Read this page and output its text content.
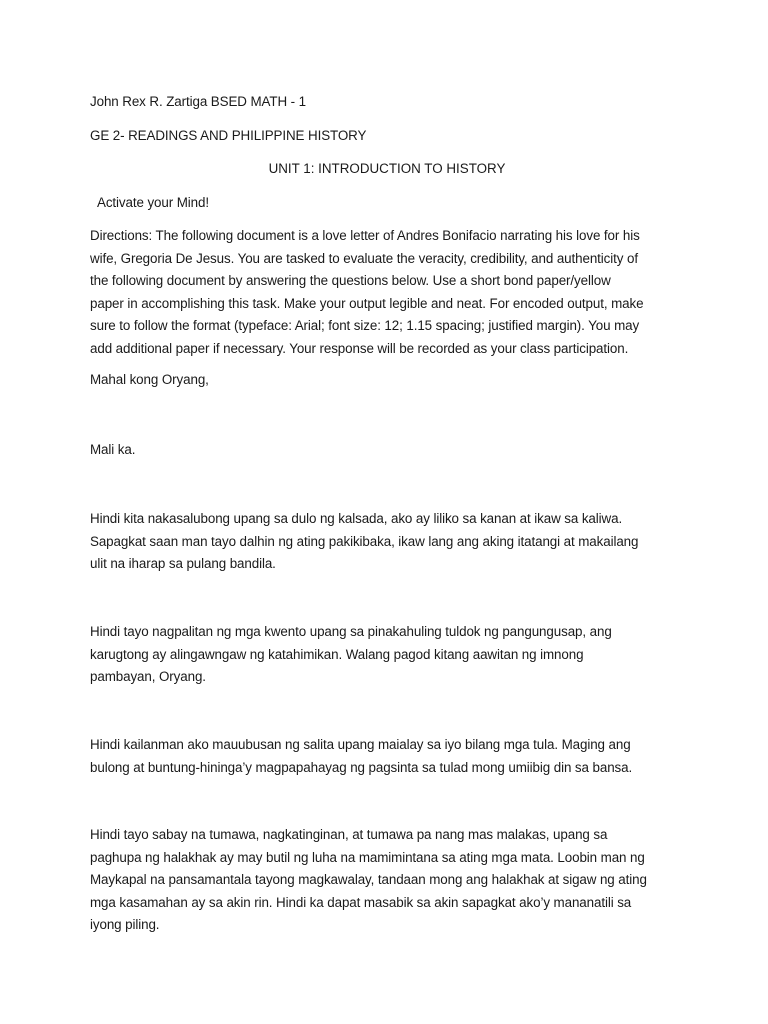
John Rex R. Zartiga BSED MATH - 1
GE 2- READINGS AND PHILIPPINE HISTORY
UNIT 1: INTRODUCTION TO HISTORY
Activate your Mind!

Directions: The following document is a love letter of Andres Bonifacio narrating his love for his

wife, Gregoria De Jesus. You are tasked to evaluate the veracity, credibility, and authenticity of

the following document by answering the questions below. Use a short bond paper/yellow

paper in accomplishing this task. Make your output legible and neat. For encoded output, make

sure to follow the format (typeface: Arial; font size: 12; 1.15 spacing; justified margin). You may

add additional paper if necessary. Your response will be recorded as your class participation.

Mahal kong Oryang,
Mali ka.

Hindi kita nakasalubong upang sa dulo ng kalsada, ako ay liliko sa kanan at ikaw sa kaliwa.

Sapagkat saan man tayo dalhin ng ating pakikibaka, ikaw lang ang aking itatangi at makailang

ulit na iharap sa pulang bandila.

Hindi tayo nagpalitan ng mga kwento upang sa pinakahuling tuldok ng pangungusap, ang

karugtong ay alingawngaw ng katahimikan. Walang pagod kitang aawitan ng imnong

pambayan, Oryang.

Hindi kailanman ako mauubusan ng salita upang maialay sa iyo bilang mga tula. Maging ang

bulong at buntung-hininga’y magpapahayag ng pagsinta sa tulad mong umiibig din sa bansa.

Hindi tayo sabay na tumawa, nagkatinginan, at tumawa pa nang mas malakas, upang sa

paghupa ng halakhak ay may butil ng luha na mamimintana sa ating mga mata. Loobin man ng

Maykapal na pansamantala tayong magkawalay, tandaan mong ang halakhak at sigaw ng ating

mga kasamahan ay sa akin rin. Hindi ka dapat masabik sa akin sapagkat ako’y mananatili sa

iyong piling.
